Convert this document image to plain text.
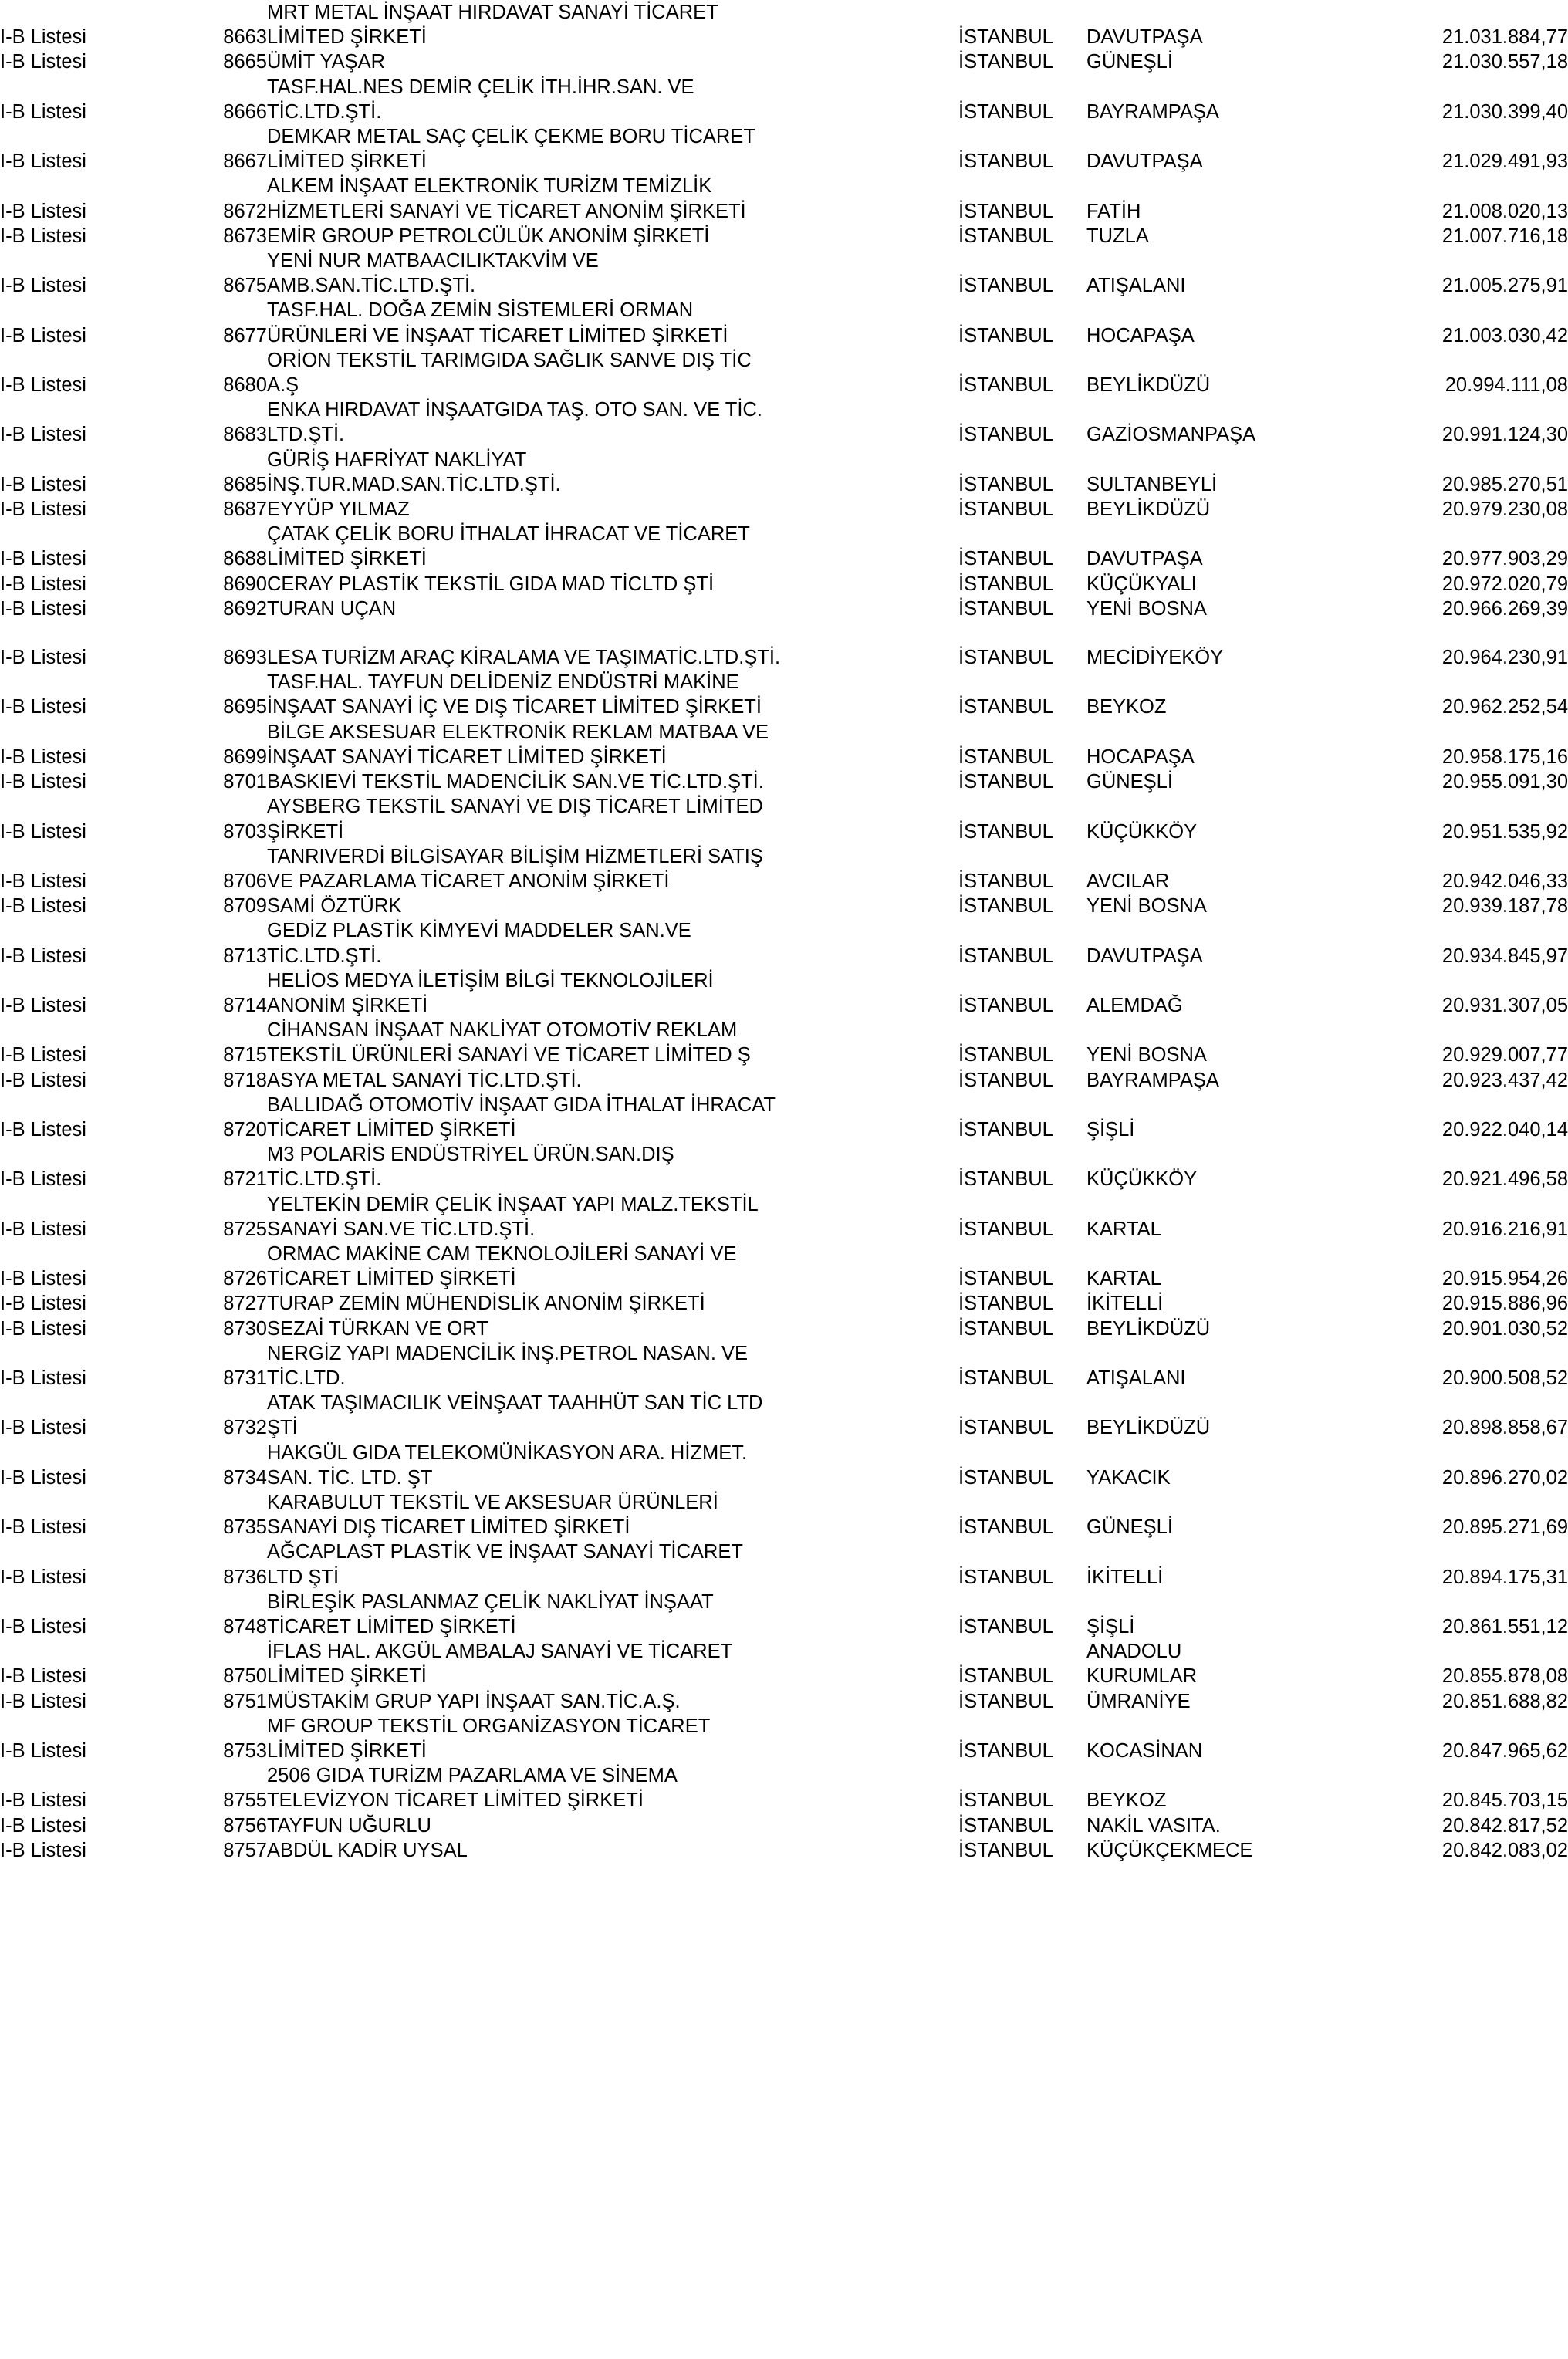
		MRT METAL İNŞAAT HIRDAVAT SANAYİ TİCARET			
I-B Listesi	8663	LİMİTED ŞİRKETİ	İSTANBUL	DAVUTPAŞA	21.031.884,77
I-B Listesi	8665	ÜMİT YAŞAR	İSTANBUL	GÜNEŞLİ	21.030.557,18
		TASF.HAL.NES DEMİR ÇELİK İTH.İHR.SAN. VE			
I-B Listesi	8666	TİC.LTD.ŞTİ.	İSTANBUL	BAYRAMPAŞA	21.030.399,40
		DEMKAR METAL SAÇ ÇELİK ÇEKME BORU TİCARET			
I-B Listesi	8667	LİMİTED ŞİRKETİ	İSTANBUL	DAVUTPAŞA	21.029.491,93
		ALKEM İNŞAAT ELEKTRONİK TURİZM TEMİZLİK			
I-B Listesi	8672	HİZMETLERİ SANAYİ VE TİCARET ANONİM ŞİRKETİ	İSTANBUL	FATİH	21.008.020,13
I-B Listesi	8673	EMİR GROUP PETROLCÜLÜK ANONİM ŞİRKETİ	İSTANBUL	TUZLA	21.007.716,18
		YENİ NUR MATBAACILIKTAKVİM VE			
I-B Listesi	8675	AMB.SAN.TİC.LTD.ŞTİ.	İSTANBUL	ATIŞALANI	21.005.275,91
		TASF.HAL. DOĞA ZEMİN SİSTEMLERİ ORMAN			
I-B Listesi	8677	ÜRÜNLERİ VE İNŞAAT TİCARET LİMİTED ŞİRKETİ	İSTANBUL	HOCAPAŞA	21.003.030,42
		ORİON TEKSTİL TARIMGIDA SAĞLIK SANVE DIŞ TİC			
I-B Listesi	8680	A.Ş	İSTANBUL	BEYLİKDÜZÜ	20.994.111,08
		ENKA HIRDAVAT İNŞAATGIDA TAŞ. OTO SAN. VE TİC.			
I-B Listesi	8683	LTD.ŞTİ.	İSTANBUL	GAZİOSMANPAŞA	20.991.124,30
		GÜRİŞ HAFRİYAT NAKLİYAT			
I-B Listesi	8685	İNŞ.TUR.MAD.SAN.TİC.LTD.ŞTİ.	İSTANBUL	SULTANBEYLİ	20.985.270,51
I-B Listesi	8687	EYYÜP YILMAZ	İSTANBUL	BEYLİKDÜZÜ	20.979.230,08
		ÇATAK ÇELİK BORU İTHALAT İHRACAT VE TİCARET			
I-B Listesi	8688	LİMİTED ŞİRKETİ	İSTANBUL	DAVUTPAŞA	20.977.903,29
I-B Listesi	8690	CERAY PLASTİK TEKSTİL GIDA MAD TİCLTD ŞTİ	İSTANBUL	KÜÇÜKYALI	20.972.020,79
I-B Listesi	8692	TURAN UÇAN	İSTANBUL	YENİ BOSNA	20.966.269,39

I-B Listesi	8693	LESA TURİZM ARAÇ KİRALAMA VE TAŞIMATİC.LTD.ŞTİ.	İSTANBUL	MECİDİYEKÖY	20.964.230,91
		TASF.HAL. TAYFUN DELİDENİZ ENDÜSTRİ MAKİNE			
I-B Listesi	8695	İNŞAAT SANAYİ İÇ VE DIŞ TİCARET LİMİTED ŞİRKETİ	İSTANBUL	BEYKOZ	20.962.252,54
		BİLGE AKSESUAR ELEKTRONİK REKLAM MATBAA VE			
I-B Listesi	8699	İNŞAAT SANAYİ TİCARET LİMİTED ŞİRKETİ	İSTANBUL	HOCAPAŞA	20.958.175,16
I-B Listesi	8701	BASKIEVİ TEKSTİL MADENCİLİK SAN.VE TİC.LTD.ŞTİ.	İSTANBUL	GÜNEŞLİ	20.955.091,30
		AYSBERG TEKSTİL SANAYİ VE DIŞ TİCARET LİMİTED			
I-B Listesi	8703	ŞİRKETİ	İSTANBUL	KÜÇÜKKÖY	20.951.535,92
		TANRIVERDİ BİLGİSAYAR BİLİŞİM HİZMETLERİ SATIŞ			
I-B Listesi	8706	VE PAZARLAMA TİCARET ANONİM ŞİRKETİ	İSTANBUL	AVCILAR	20.942.046,33
I-B Listesi	8709	SAMİ ÖZTÜRK	İSTANBUL	YENİ BOSNA	20.939.187,78
		GEDİZ PLASTİK KİMYEVİ MADDELER SAN.VE			
I-B Listesi	8713	TİC.LTD.ŞTİ.	İSTANBUL	DAVUTPAŞA	20.934.845,97
		HELİOS MEDYA İLETİŞİM BİLGİ TEKNOLOJİLERİ			
I-B Listesi	8714	ANONİM ŞİRKETİ	İSTANBUL	ALEMDAĞ	20.931.307,05
		CİHANSAN İNŞAAT NAKLİYAT OTOMOTİV REKLAM			
I-B Listesi	8715	TEKSTİL ÜRÜNLERİ SANAYİ VE TİCARET LİMİTED Ş	İSTANBUL	YENİ BOSNA	20.929.007,77
I-B Listesi	8718	ASYA METAL SANAYİ TİC.LTD.ŞTİ.	İSTANBUL	BAYRAMPAŞA	20.923.437,42
		BALLIDAĞ OTOMOTİV İNŞAAT GIDA İTHALAT İHRACAT			
I-B Listesi	8720	TİCARET LİMİTED ŞİRKETİ	İSTANBUL	ŞİŞLİ	20.922.040,14
		M3 POLARİS ENDÜSTRİYEL ÜRÜN.SAN.DIŞ			
I-B Listesi	8721	TİC.LTD.ŞTİ.	İSTANBUL	KÜÇÜKKÖY	20.921.496,58
		YELTEKİN DEMİR ÇELİK İNŞAAT YAPI MALZ.TEKSTİL			
I-B Listesi	8725	SANAYİ SAN.VE TİC.LTD.ŞTİ.	İSTANBUL	KARTAL	20.916.216,91
		ORMAC MAKİNE CAM TEKNOLOJİLERİ SANAYİ VE			
I-B Listesi	8726	TİCARET LİMİTED ŞİRKETİ	İSTANBUL	KARTAL	20.915.954,26
I-B Listesi	8727	TURAP ZEMİN MÜHENDİSLİK ANONİM ŞİRKETİ	İSTANBUL	İKİTELLİ	20.915.886,96
I-B Listesi	8730	SEZAİ TÜRKAN VE ORT	İSTANBUL	BEYLİKDÜZÜ	20.901.030,52
		NERGİZ YAPI MADENCİLİK İNŞ.PETROL NASAN. VE			
I-B Listesi	8731	TİC.LTD.	İSTANBUL	ATIŞALANI	20.900.508,52
		ATAK TAŞIMACILIK VEİNŞAAT TAAHHÜT SAN TİC LTD			
I-B Listesi	8732	ŞTİ	İSTANBUL	BEYLİKDÜZÜ	20.898.858,67
		HAKGÜL GIDA TELEKOMÜNİKASYON ARA. HİZMET.			
I-B Listesi	8734	SAN. TİC. LTD. ŞT	İSTANBUL	YAKACIK	20.896.270,02
		KARABULUT TEKSTİL VE AKSESUAR ÜRÜNLERİ			
I-B Listesi	8735	SANAYİ DIŞ TİCARET LİMİTED ŞİRKETİ	İSTANBUL	GÜNEŞLİ	20.895.271,69
		AĞCAPLAST PLASTİK VE İNŞAAT SANAYİ TİCARET			
I-B Listesi	8736	LTD ŞTİ	İSTANBUL	İKİTELLİ	20.894.175,31
		BİRLEŞİK PASLANMAZ ÇELİK NAKLİYAT İNŞAAT			
I-B Listesi	8748	TİCARET LİMİTED ŞİRKETİ	İSTANBUL	ŞİŞLİ	20.861.551,12
		İFLAS HAL. AKGÜL AMBALAJ SANAYİ VE TİCARET		ANADOLU	
I-B Listesi	8750	LİMİTED ŞİRKETİ	İSTANBUL	KURUMLAR	20.855.878,08
I-B Listesi	8751	MÜSTAKİM GRUP YAPI İNŞAAT SAN.TİC.A.Ş.	İSTANBUL	ÜMRANİYE	20.851.688,82
		MF GROUP TEKSTİL ORGANİZASYON TİCARET			
I-B Listesi	8753	LİMİTED ŞİRKETİ	İSTANBUL	KOCASİNAN	20.847.965,62
		2506 GIDA TURİZM PAZARLAMA VE SİNEMA			
I-B Listesi	8755	TELEVİZYON TİCARET LİMİTED ŞİRKETİ	İSTANBUL	BEYKOZ	20.845.703,15
I-B Listesi	8756	TAYFUN UĞURLU	İSTANBUL	NAKİL VASITA.	20.842.817,52
I-B Listesi	8757	ABDÜL KADİR UYSAL	İSTANBUL	KÜÇÜKÇEKMECE	20.842.083,02
